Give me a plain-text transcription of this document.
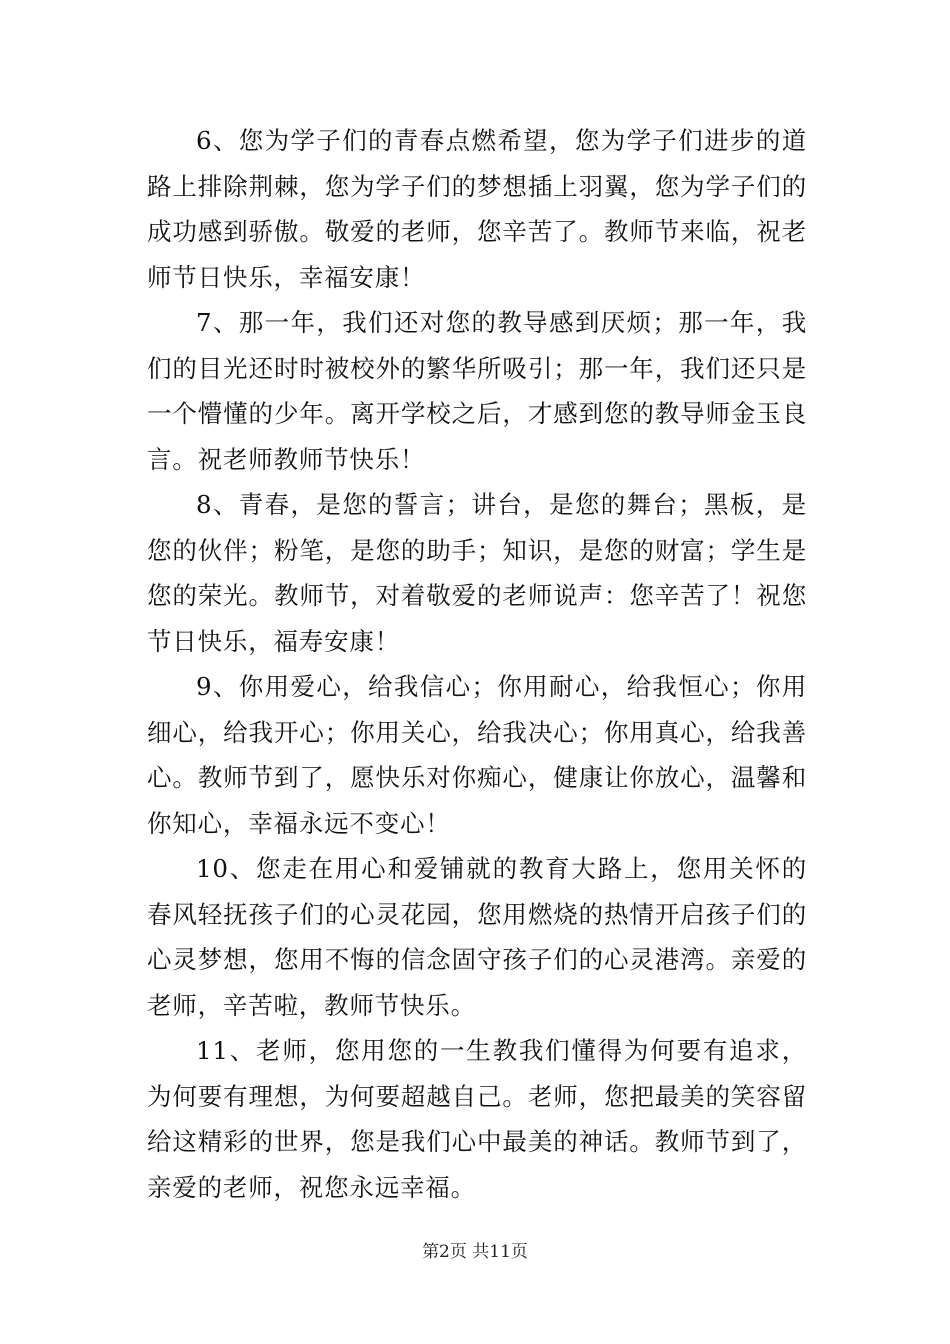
6、您为学子们的青春点燃希望，您为学子们进步的道路上排除荆棘，您为学子们的梦想插上羽翼，您为学子们的成功感到骄傲。敬爱的老师，您辛苦了。教师节来临，祝老师节日快乐，幸福安康！

7、那一年，我们还对您的教导感到厌烦；那一年，我们的目光还时时被校外的繁华所吸引；那一年，我们还只是一个懵懂的少年。离开学校之后，才感到您的教导师金玉良言。祝老师教师节快乐！

8、青春，是您的誓言；讲台，是您的舞台；黑板，是您的伙伴；粉笔，是您的助手；知识，是您的财富；学生是您的荣光。教师节，对着敬爱的老师说声：您辛苦了！祝您节日快乐，福寿安康！

9、你用爱心，给我信心；你用耐心，给我恒心；你用细心，给我开心；你用关心，给我决心；你用真心，给我善心。教师节到了，愿快乐对你痴心，健康让你放心，温馨和你知心，幸福永远不变心！

10、您走在用心和爱铺就的教育大路上，您用关怀的春风轻抚孩子们的心灵花园，您用燃烧的热情开启孩子们的心灵梦想，您用不悔的信念固守孩子们的心灵港湾。亲爱的老师，辛苦啦，教师节快乐。

11、老师，您用您的一生教我们懂得为何要有追求，为何要有理想，为何要超越自己。老师，您把最美的笑容留给这精彩的世界，您是我们心中最美的神话。教师节到了，亲爱的老师，祝您永远幸福。

第2页 共11页
